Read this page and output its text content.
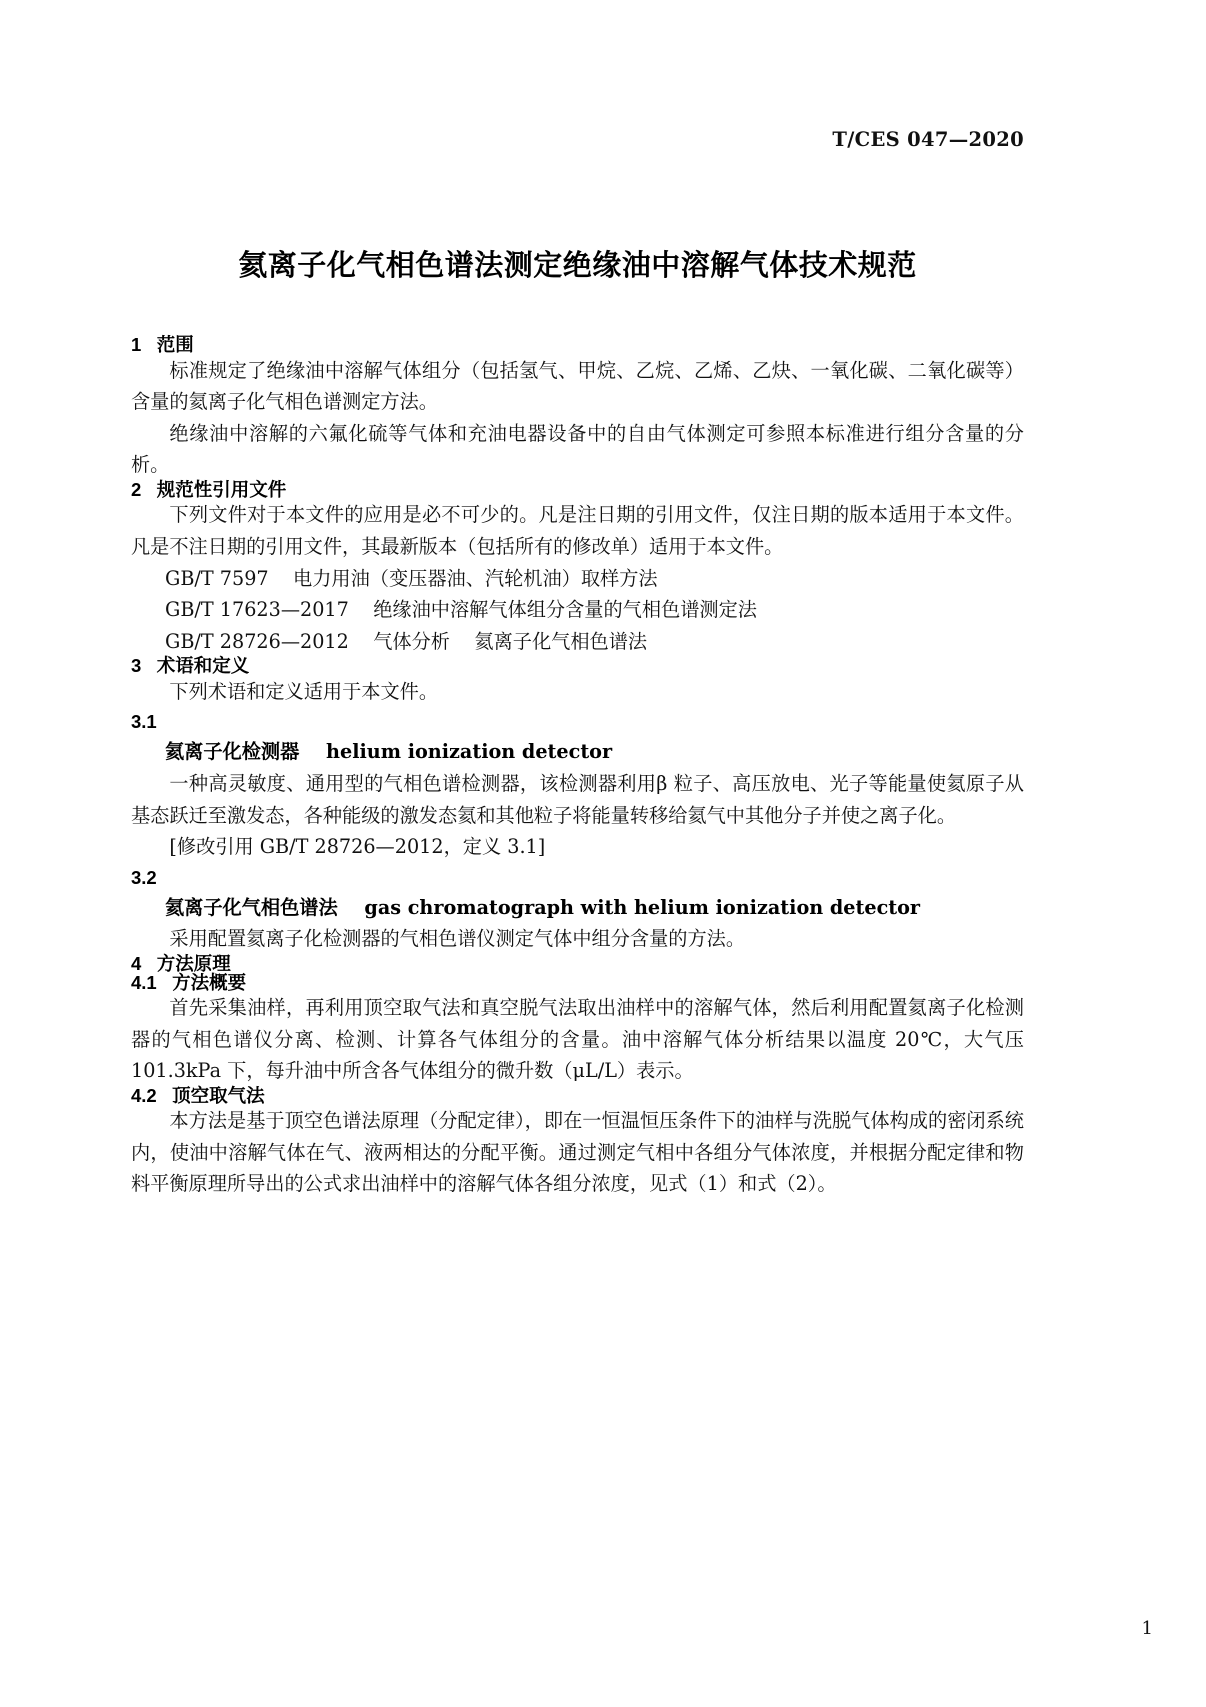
T/CES 047—2020
氦离子化气相色谱法测定绝缘油中溶解气体技术规范
1   范围

标准规定了绝缘油中溶解气体组分（包括氢气、甲烷、乙烷、乙烯、乙炔、一氧化碳、二氧化碳等）含量的氦离子化气相色谱测定方法。

绝缘油中溶解的六氟化硫等气体和充油电器设备中的自由气体测定可参照本标准进行组分含量的分析。

2   规范性引用文件

下列文件对于本文件的应用是必不可少的。凡是注日期的引用文件，仅注日期的版本适用于本文件。凡是不注日期的引用文件，其最新版本（包括所有的修改单）适用于本文件。

GB/T 7597    电力用油（变压器油、汽轮机油）取样方法

GB/T 17623—2017    绝缘油中溶解气体组分含量的气相色谱测定法

GB/T 28726—2012    气体分析    氦离子化气相色谱法

3   术语和定义

下列术语和定义适用于本文件。

3.1

氦离子化检测器    helium ionization detector

一种高灵敏度、通用型的气相色谱检测器，该检测器利用β 粒子、高压放电、光子等能量使氦原子从基态跃迁至激发态，各种能级的激发态氦和其他粒子将能量转移给氦气中其他分子并使之离子化。

[修改引用 GB/T 28726—2012，定义 3.1]

3.2

氦离子化气相色谱法    gas chromatograph with helium ionization detector

采用配置氦离子化检测器的气相色谱仪测定气体中组分含量的方法。

4   方法原理
4.1   方法概要

首先采集油样，再利用顶空取气法和真空脱气法取出油样中的溶解气体，然后利用配置氦离子化检测器的气相色谱仪分离、检测、计算各气体组分的含量。油中溶解气体分析结果以温度 20℃，大气压 101.3kPa 下，每升油中所含各气体组分的微升数（μL/L）表示。

4.2   顶空取气法

本方法是基于顶空色谱法原理（分配定律），即在一恒温恒压条件下的油样与洗脱气体构成的密闭系统内，使油中溶解气体在气、液两相达的分配平衡。通过测定气相中各组分气体浓度，并根据分配定律和物料平衡原理所导出的公式求出油样中的溶解气体各组分浓度，见式（1）和式（2）。

1
